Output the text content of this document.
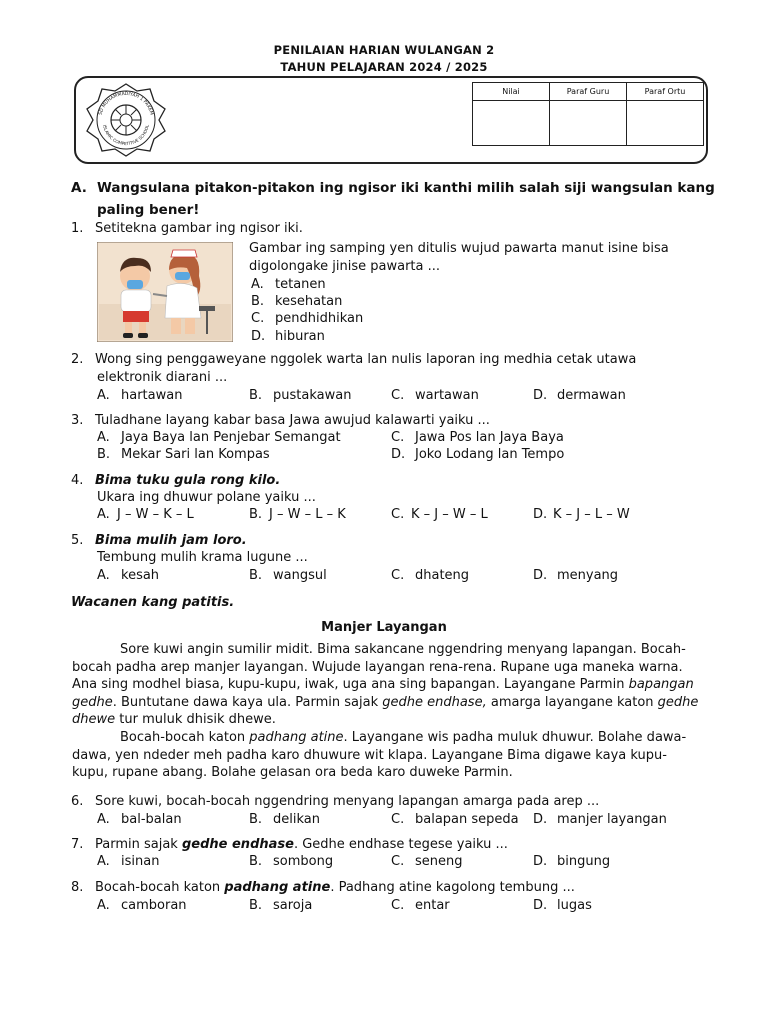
PENILAIAN HARIAN WULANGAN 2
TAHUN PELAJARAN 2024 / 2025
SD MUHAMMADIYAH 1 PAKEM
ISLAMIC COMPETITIVE SCHOOL
Nilai	Paraf Guru	Paraf Ortu

A. Wangsulana pitakon-pitakon ing ngisor iki kanthi milih salah siji wangsulan kang
paling bener!
1. Setitekna gambar ing ngisor iki.
Gambar ing samping yen ditulis wujud pawarta manut isine bisa
digolongake jinise pawarta ...
A. tetanen
B. kesehatan
C. pendhidhikan
D. hiburan
2. Wong sing penggaweyane nggolek warta lan nulis laporan ing medhia cetak utawa
elektronik diarani ...
A. hartawan	B. pustakawan	C. wartawan	D. dermawan
3. Tuladhane layang kabar basa Jawa awujud kalawarti yaiku ...
A. Jaya Baya lan Penjebar Semangat	C. Jawa Pos lan Jaya Baya
B. Mekar Sari lan Kompas	D. Joko Lodang lan Tempo
4. Bima tuku gula rong kilo.
Ukara ing dhuwur polane yaiku ...
A. J – W – K – L	B. J – W – L – K	C. K – J – W – L	D. K – J – L – W
5. Bima mulih jam loro.
Tembung mulih krama lugune ...
A. kesah	B. wangsul	C. dhateng	D. menyang
Wacanen kang patitis.
Manjer Layangan

Sore kuwi angin sumilir midit. Bima sakancane nggendring menyang lapangan. Bocah-

bocah padha arep manjer layangan. Wujude layangan rena-rena. Rupane uga maneka warna.

Ana sing modhel biasa, kupu-kupu, iwak, uga ana sing bapangan. Layangane Parmin bapangan

gedhe. Buntutane dawa kaya ula. Parmin sajak gedhe endhase, amarga layangane katon gedhe

dhewe tur muluk dhisik dhewe.

Bocah-bocah katon padhang atine. Layangane wis padha muluk dhuwur. Bolahe dawa-

dawa, yen ndeder meh padha karo dhuwure wit klapa. Layangane Bima digawe kaya kupu-

kupu, rupane abang. Bolahe gelasan ora beda karo duweke Parmin.

6. Sore kuwi, bocah-bocah nggendring menyang lapangan amarga pada arep ...
A. bal-balan	B. delikan	C. balapan sepeda D. manjer layangan
7. Parmin sajak gedhe endhase. Gedhe endhase tegese yaiku ...
A. isinan	B. sombong	C. seneng	D. bingung
8. Bocah-bocah katon padhang atine. Padhang atine kagolong tembung ...
A. camboran	B. saroja	C. entar	D. lugas
